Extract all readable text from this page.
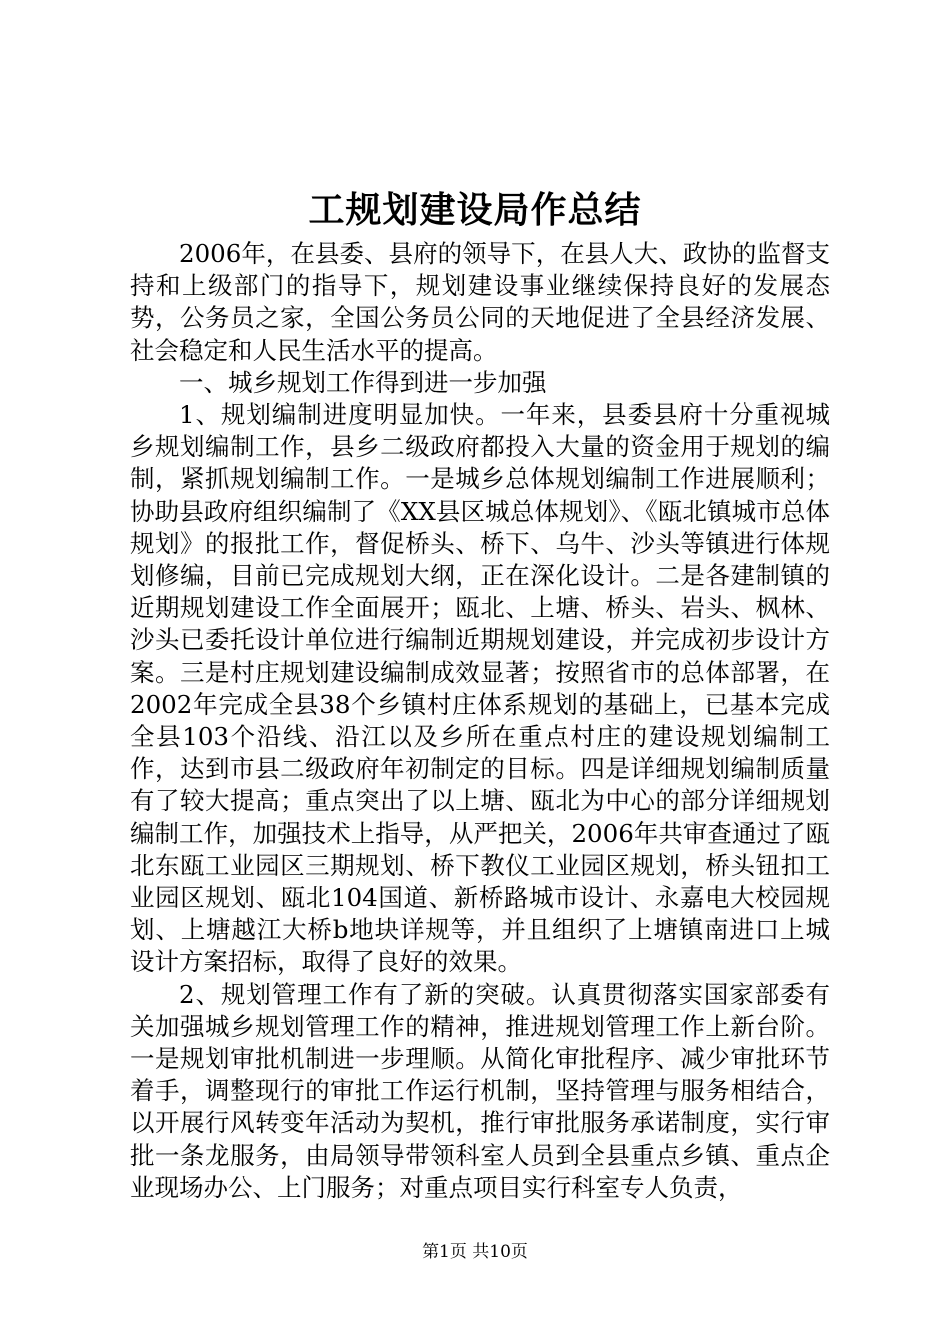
工规划建设局作总结

2006年，在县委、县府的领导下，在县人大、政协的监督支持和上级部门的指导下，规划建设事业继续保持良好的发展态势，公务员之家，全国公务员公同的天地促进了全县经济发展、社会稳定和人民生活水平的提高。

一、城乡规划工作得到进一步加强

1、规划编制进度明显加快。一年来，县委县府十分重视城乡规划编制工作，县乡二级政府都投入大量的资金用于规划的编制，紧抓规划编制工作。一是城乡总体规划编制工作进展顺利；协助县政府组织编制了《XX县区城总体规划》、《瓯北镇城市总体规划》的报批工作，督促桥头、桥下、乌牛、沙头等镇进行体规划修编，目前已完成规划大纲，正在深化设计。二是各建制镇的近期规划建设工作全面展开；瓯北、上塘、桥头、岩头、枫林、沙头已委托设计单位进行编制近期规划建设，并完成初步设计方案。三是村庄规划建设编制成效显著；按照省市的总体部署，在2002年完成全县38个乡镇村庄体系规划的基础上，已基本完成全县103个沿线、沿江以及乡所在重点村庄的建设规划编制工作，达到市县二级政府年初制定的目标。四是详细规划编制质量有了较大提高；重点突出了以上塘、瓯北为中心的部分详细规划编制工作，加强技术上指导，从严把关，2006年共审查通过了瓯北东瓯工业园区三期规划、桥下教仪工业园区规划，桥头钮扣工业园区规划、瓯北104国道、新桥路城市设计、永嘉电大校园规划、上塘越江大桥b地块详规等，并且组织了上塘镇南进口上城设计方案招标，取得了良好的效果。

2、规划管理工作有了新的突破。认真贯彻落实国家部委有关加强城乡规划管理工作的精神，推进规划管理工作上新台阶。一是规划审批机制进一步理顺。从简化审批程序、减少审批环节着手，调整现行的审批工作运行机制，坚持管理与服务相结合，以开展行风转变年活动为契机，推行审批服务承诺制度，实行审批一条龙服务，由局领导带领科室人员到全县重点乡镇、重点企业现场办公、上门服务；对重点项目实行科室专人负责，

第1页 共10页
